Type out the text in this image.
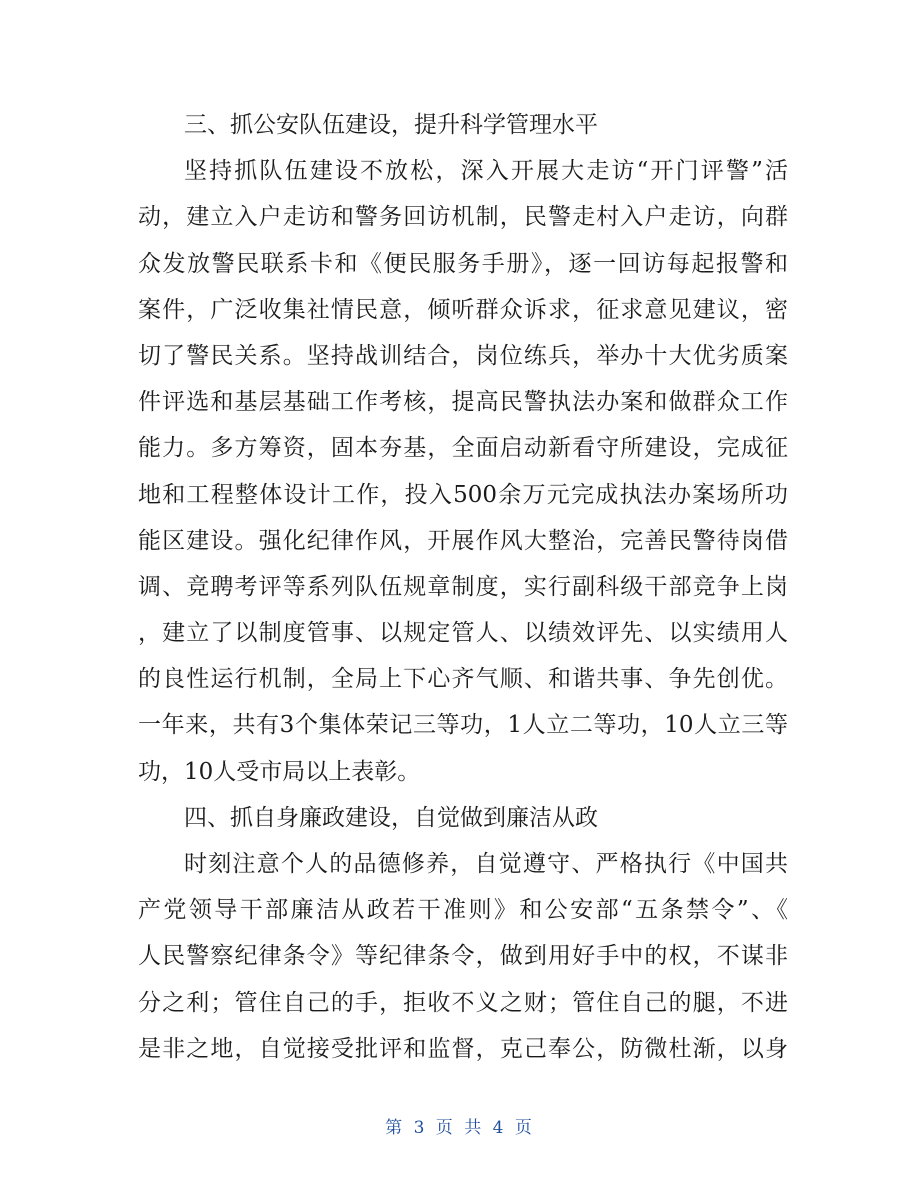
三、抓公安队伍建设，提升科学管理水平
坚持抓队伍建设不放松，深入开展大走访“开门评警”活
动，建立入户走访和警务回访机制，民警走村入户走访，向群
众发放警民联系卡和《便民服务手册》，逐一回访每起报警和
案件，广泛收集社情民意，倾听群众诉求，征求意见建议，密
切了警民关系。坚持战训结合，岗位练兵，举办十大优劣质案
件评选和基层基础工作考核，提高民警执法办案和做群众工作
能力。多方筹资，固本夯基，全面启动新看守所建设，完成征
地和工程整体设计工作，投入500余万元完成执法办案场所功
能区建设。强化纪律作风，开展作风大整治，完善民警待岗借
调、竞聘考评等系列队伍规章制度，实行副科级干部竞争上岗
，建立了以制度管事、以规定管人、以绩效评先、以实绩用人
的良性运行机制，全局上下心齐气顺、和谐共事、争先创优。
一年来，共有3个集体荣记三等功，1人立二等功，10人立三等
功，10人受市局以上表彰。
四、抓自身廉政建设，自觉做到廉洁从政
时刻注意个人的品德修养，自觉遵守、严格执行《中国共
产党领导干部廉洁从政若干准则》和公安部“五条禁令”、《
人民警察纪律条令》等纪律条令，做到用好手中的权，不谋非
分之利；管住自己的手，拒收不义之财；管住自己的腿，不进
是非之地，自觉接受批评和监督，克己奉公，防微杜渐，以身
第 3 页 共 4 页
